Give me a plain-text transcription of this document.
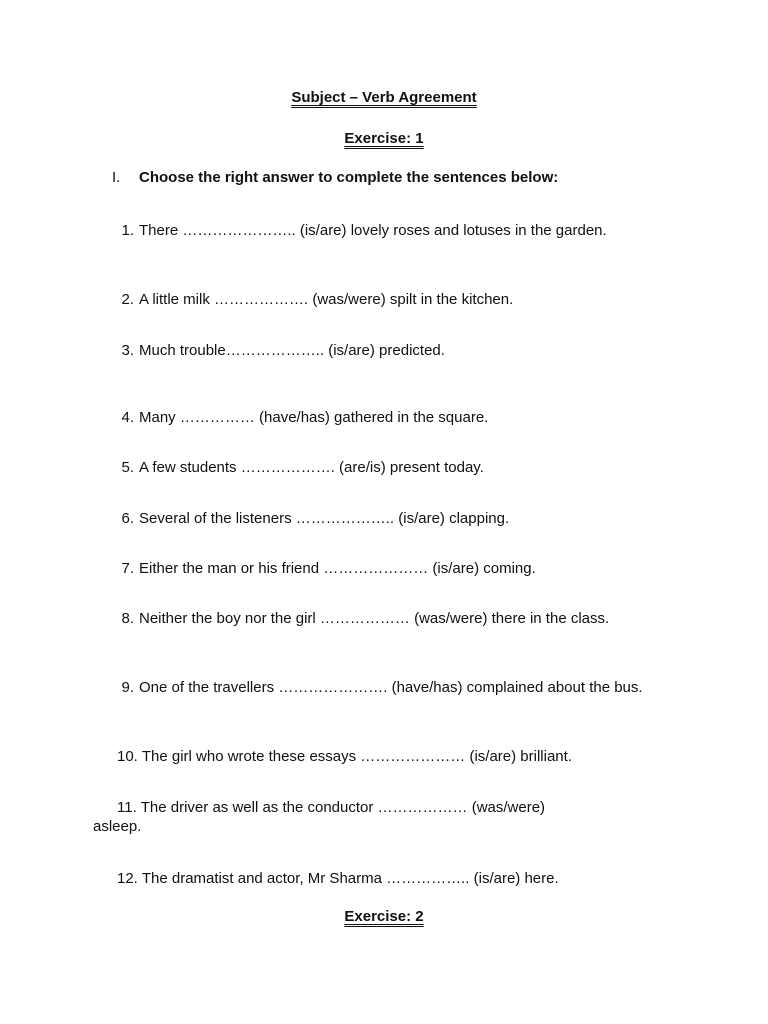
Subject – Verb Agreement
Exercise: 1
I.	Choose the right answer to complete the sentences below:
1. There ………………….. (is/are) lovely roses and lotuses in the garden.
2. A little milk ………………. (was/were) spilt in the kitchen.
3. Much trouble……………….. (is/are) predicted.
4. Many …………… (have/has) gathered in the square.
5. A few students ………………. (are/is) present today.
6. Several of the listeners ……………….. (is/are) clapping.
7. Either the man or his friend ………………… (is/are) coming.
8. Neither the boy nor the girl ……………… (was/were) there in the class.
9. One of the travellers …………………. (have/has) complained about the bus.
10. The girl who wrote these essays ………………… (is/are) brilliant.
11. The driver as well as the conductor ……………… (was/were)
asleep.
12. The dramatist and actor, Mr Sharma …………….. (is/are) here.
Exercise: 2
